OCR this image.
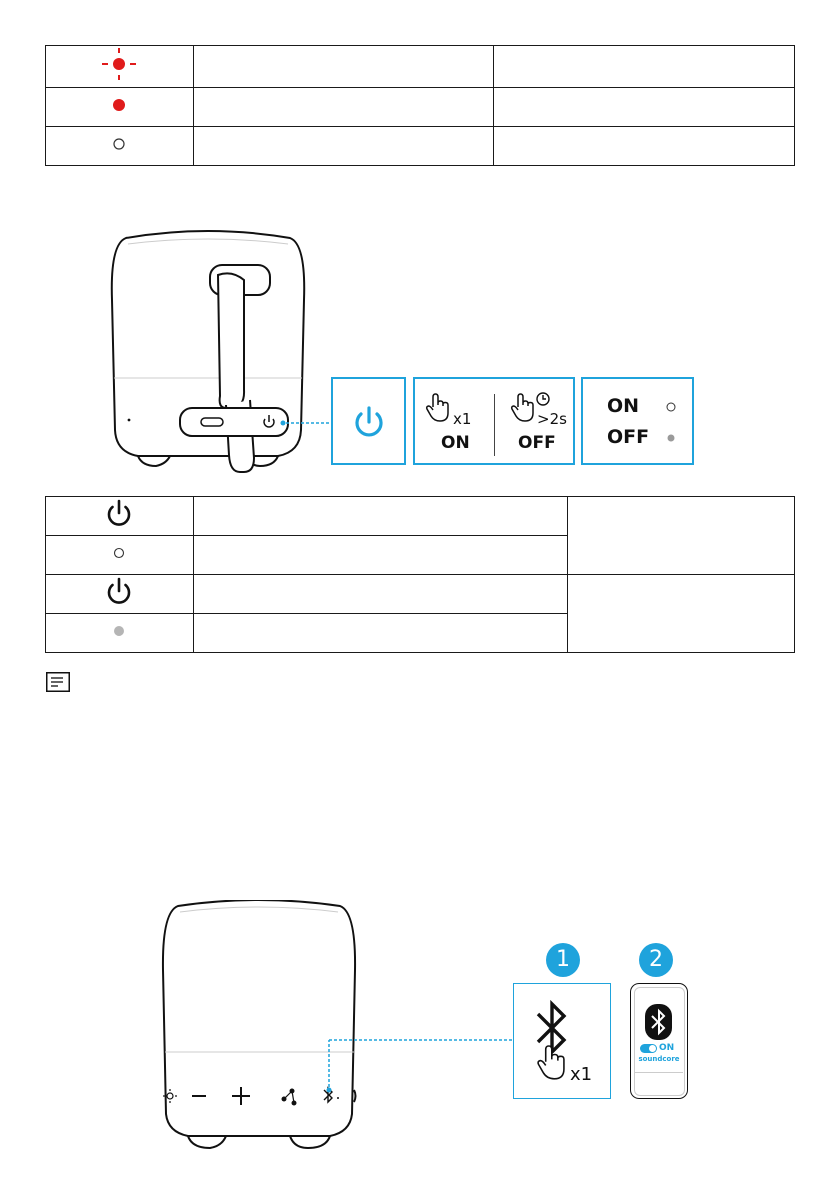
x1
ON
>2s
OFF
ON
OFF

1	2
x1
ON
soundcore
